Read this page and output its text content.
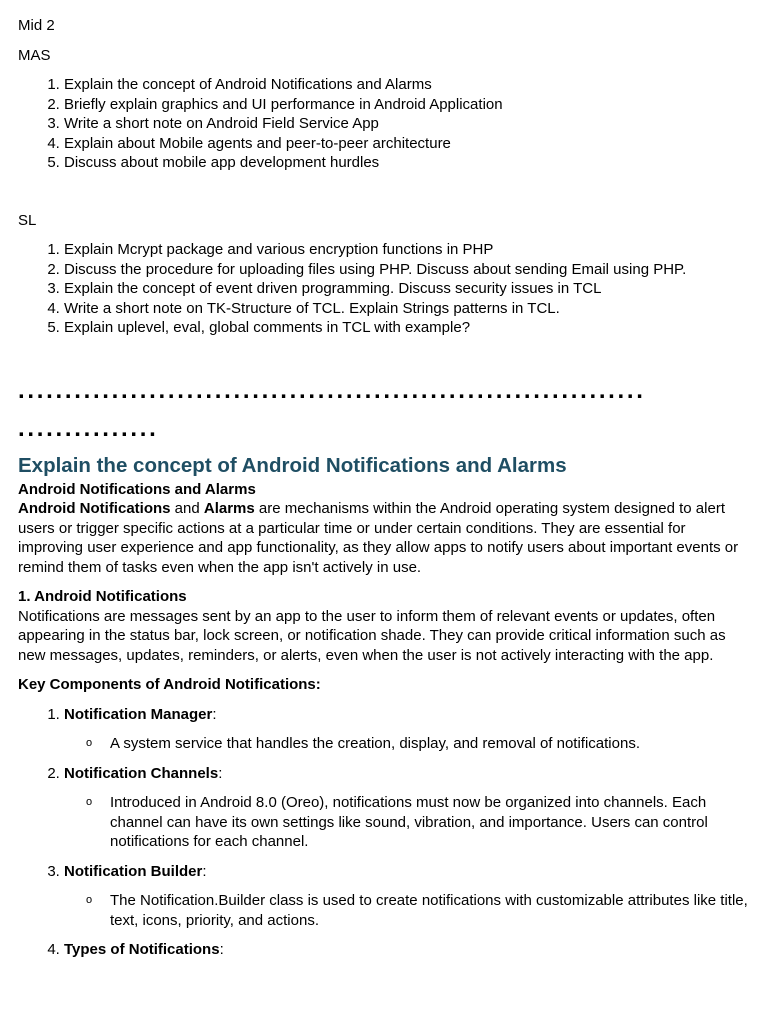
Mid 2

MAS

1. Explain the concept of Android Notifications and Alarms
2. Briefly explain graphics and UI performance in Android Application
3. Write a short note on Android Field Service App
4. Explain about Mobile agents and peer-to-peer architecture
5. Discuss about mobile app development hurdles

SL

1. Explain Mcrypt package and various encryption functions in PHP
2. Discuss the procedure for uploading files using PHP. Discuss about sending Email using PHP.
3. Explain the concept of event driven programming. Discuss security issues in TCL
4. Write a short note on TK-Structure of TCL. Explain Strings patterns in TCL.
5. Explain uplevel, eval, global comments in TCL with example?

...................................................................

...............

Explain the concept of Android Notifications and Alarms

Android Notifications and Alarms

Android Notifications and Alarms are mechanisms within the Android operating system designed to alert users or trigger specific actions at a particular time or under certain conditions. They are essential for improving user experience and app functionality, as they allow apps to notify users about important events or remind them of tasks even when the app isn't actively in use.

1. Android Notifications

Notifications are messages sent by an app to the user to inform them of relevant events or updates, often appearing in the status bar, lock screen, or notification shade. They can provide critical information such as new messages, updates, reminders, or alerts, even when the user is not actively interacting with the app.

Key Components of Android Notifications:

1. Notification Manager:
o A system service that handles the creation, display, and removal of notifications.
2. Notification Channels:
o Introduced in Android 8.0 (Oreo), notifications must now be organized into channels. Each channel can have its own settings like sound, vibration, and importance. Users can control notifications for each channel.
3. Notification Builder:
o The Notification.Builder class is used to create notifications with customizable attributes like title, text, icons, priority, and actions.
4. Types of Notifications:
